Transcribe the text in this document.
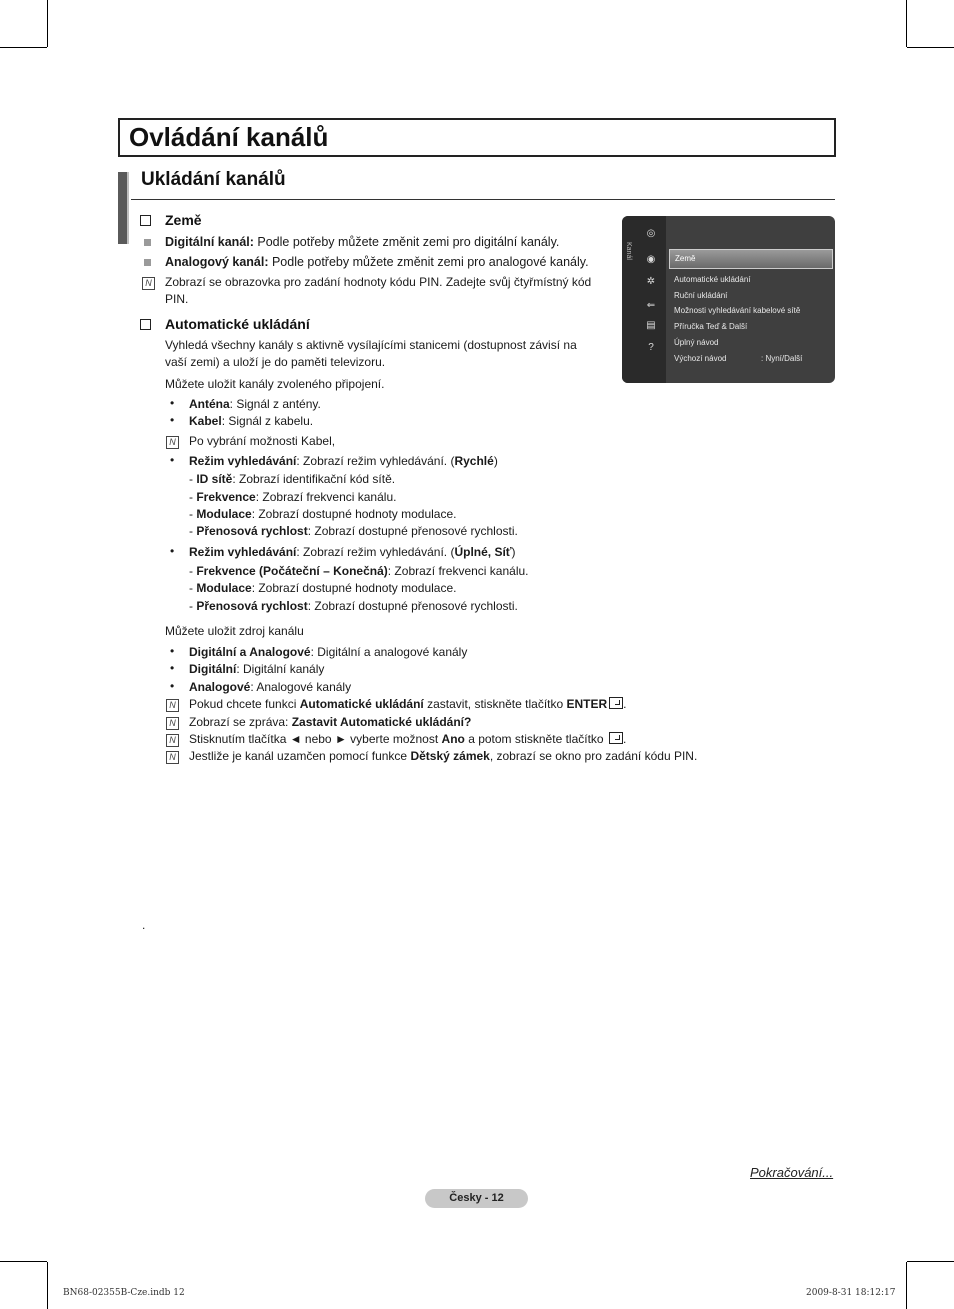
Ovládání kanálů
Ukládání kanálů
Země
Digitální kanál: Podle potřeby můžete změnit zemi pro digitální kanály.
Analogový kanál: Podle potřeby můžete změnit zemi pro analogové kanály.
N Zobrazí se obrazovka pro zadání hodnoty kódu PIN. Zadejte svůj čtyřmístný kód
PIN.
Automatické ukládání
Vyhledá všechny kanály s aktivně vysílajícími stanicemi (dostupnost závisí na
vaší zemi) a uloží je do paměti televizoru.
Můžete uložit kanály zvoleného připojení.
• Anténa: Signál z antény.
• Kabel: Signál z kabelu.
N Po vybrání možnosti Kabel,
• Režim vyhledávání: Zobrazí režim vyhledávání. (Rychlé)
- ID sítě: Zobrazí identifikační kód sítě.
- Frekvence: Zobrazí frekvenci kanálu.
- Modulace: Zobrazí dostupné hodnoty modulace.
- Přenosová rychlost: Zobrazí dostupné přenosové rychlosti.
• Režim vyhledávání: Zobrazí režim vyhledávání. (Úplné, Síť)
- Frekvence (Počáteční – Konečná): Zobrazí frekvenci kanálu.
- Modulace: Zobrazí dostupné hodnoty modulace.
- Přenosová rychlost: Zobrazí dostupné přenosové rychlosti.
Můžete uložit zdroj kanálu
• Digitální a Analogové: Digitální a analogové kanály
• Digitální: Digitální kanály
• Analogové: Analogové kanály
N Pokud chcete funkci Automatické ukládání zastavit, stiskněte tlačítko ENTER .
N Zobrazí se zpráva: Zastavit Automatické ukládání?
N Stisknutím tlačítka ◄ nebo ► vyberte možnost Ano a potom stiskněte tlačítko .
N Jestliže je kanál uzamčen pomocí funkce Dětský zámek, zobrazí se okno pro zadání kódu PIN.
Kanál
◎
◉
✲
⇐
▤
?
Země
Automatické ukládání
Ruční ukládání
Možnosti vyhledávání kabelové sítě
Příručka Teď & Další
Úplný návod
Výchozí návod	: Nyní/Další
.
Pokračování...
Česky - 12
BN68-02355B-Cze.indb 12	2009-8-31 18:12:17
